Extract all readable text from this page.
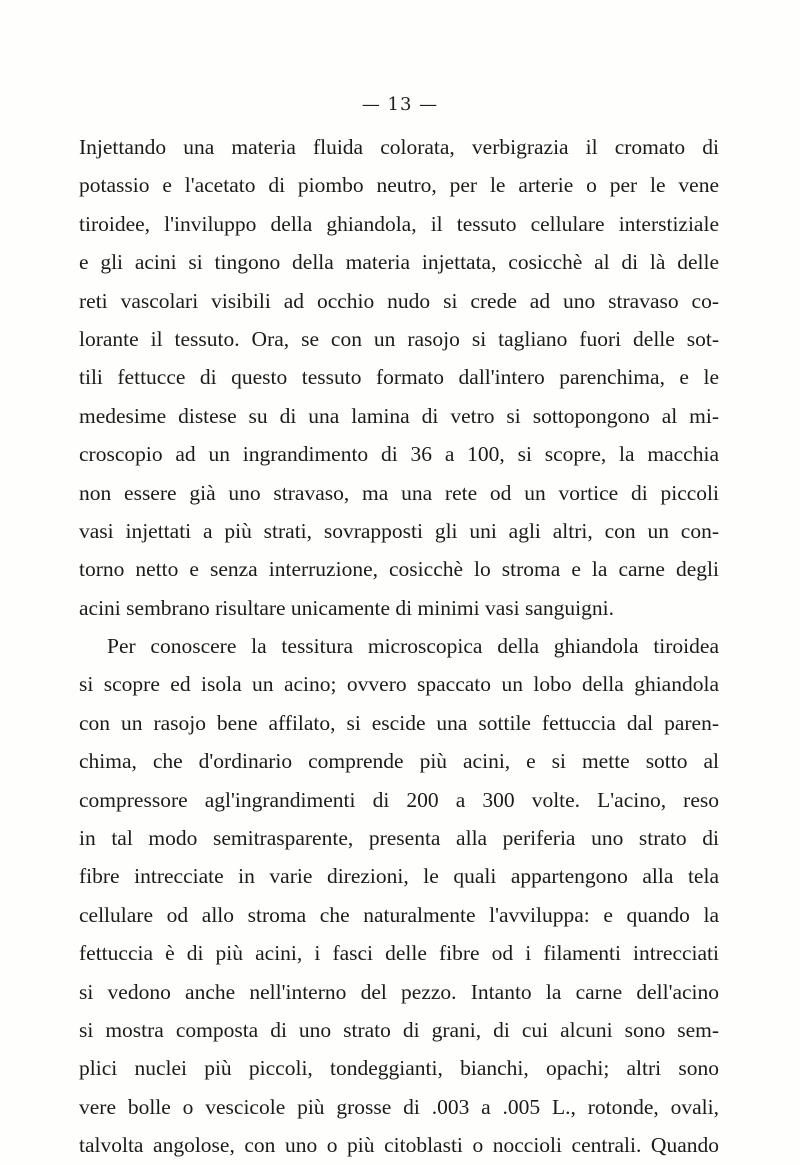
— 13 —
Injettando una materia fluida colorata, verbigrazia il cromato di
potassio e l'acetato di piombo neutro, per le arterie o per le vene
tiroidee, l'inviluppo della ghiandola, il tessuto cellulare interstiziale
e gli acini si tingono della materia injettata, cosicchè al di là delle
reti vascolari visibili ad occhio nudo si crede ad uno stravaso co-
lorante il tessuto. Ora, se con un rasojo si tagliano fuori delle sot-
tili fettucce di questo tessuto formato dall'intero parenchima, e le
medesime distese su di una lamina di vetro si sottopongono al mi-
croscopio ad un ingrandimento di 36 a 100, si scopre, la macchia
non essere già uno stravaso, ma una rete od un vortice di piccoli
vasi injettati a più strati, sovrapposti gli uni agli altri, con un con-
torno netto e senza interruzione, cosicchè lo stroma e la carne degli
acini sembrano risultare unicamente di minimi vasi sanguigni.
Per conoscere la tessitura microscopica della ghiandola tiroidea
si scopre ed isola un acino; ovvero spaccato un lobo della ghiandola
con un rasojo bene affilato, si escide una sottile fettuccia dal paren-
chima, che d'ordinario comprende più acini, e si mette sotto al
compressore agl'ingrandimenti di 200 a 300 volte. L'acino, reso
in tal modo semitrasparente, presenta alla periferia uno strato di
fibre intrecciate in varie direzioni, le quali appartengono alla tela
cellulare od allo stroma che naturalmente l'avviluppa: e quando la
fettuccia è di più acini, i fasci delle fibre od i filamenti intrecciati
si vedono anche nell'interno del pezzo. Intanto la carne dell'acino
si mostra composta di uno strato di grani, di cui alcuni sono sem-
plici nuclei più piccoli, tondeggianti, bianchi, opachi; altri sono
vere bolle o vescicole più grosse di .003 a .005 L., rotonde, ovali,
talvolta angolose, con uno o più citoblasti o noccioli centrali. Quando
